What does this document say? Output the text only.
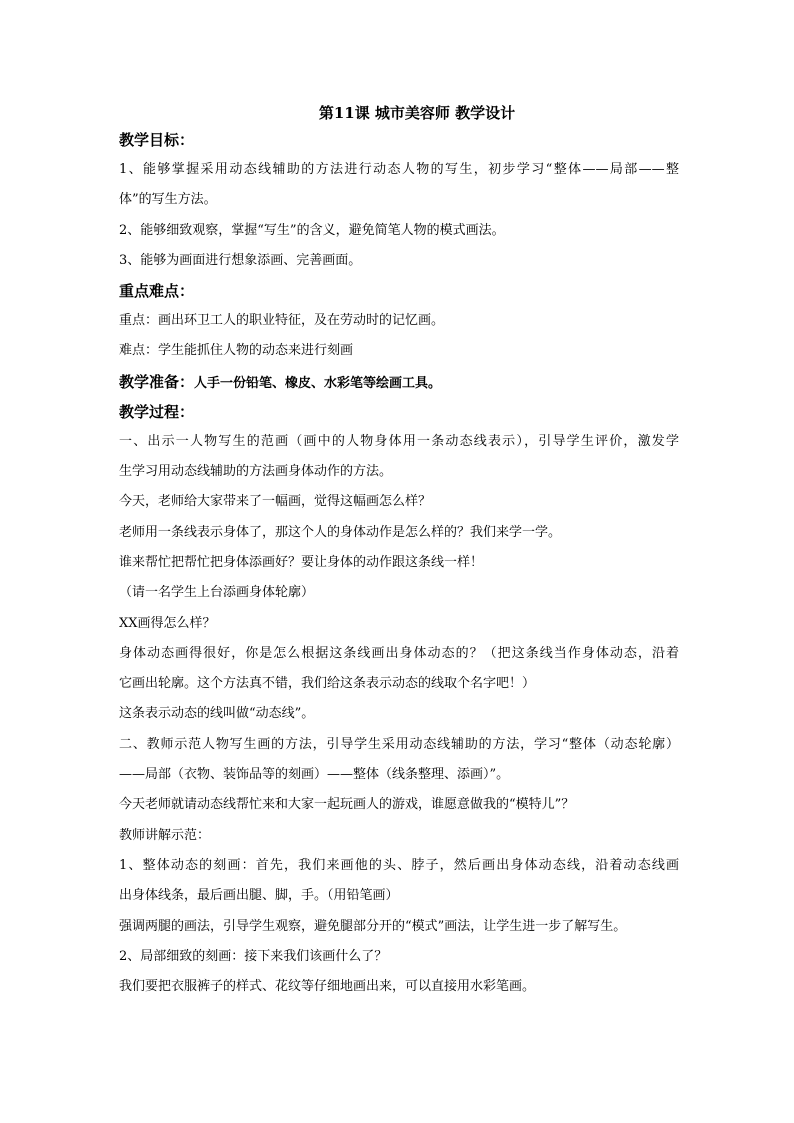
第11课 城市美容师 教学设计
教学目标：
1、能够掌握采用动态线辅助的方法进行动态人物的写生，初步学习“整体——局部——整
体”的写生方法。
2、能够细致观察，掌握“写生”的含义，避免简笔人物的模式画法。
3、能够为画面进行想象添画、完善画面。
重点难点：
重点：画出环卫工人的职业特征，及在劳动时的记忆画。
难点：学生能抓住人物的动态来进行刻画
教学准备：人手一份铅笔、橡皮、水彩笔等绘画工具。
教学过程：
一、出示一人物写生的范画（画中的人物身体用一条动态线表示），引导学生评价，激发学
生学习用动态线辅助的方法画身体动作的方法。
今天，老师给大家带来了一幅画，觉得这幅画怎么样？
老师用一条线表示身体了，那这个人的身体动作是怎么样的？我们来学一学。
谁来帮忙把帮忙把身体添画好？要让身体的动作跟这条线一样！
（请一名学生上台添画身体轮廓）
XX画得怎么样？
身体动态画得很好，你是怎么根据这条线画出身体动态的？（把这条线当作身体动态，沿着
它画出轮廓。这个方法真不错，我们给这条表示动态的线取个名字吧！）
这条表示动态的线叫做“动态线”。
二、教师示范人物写生画的方法，引导学生采用动态线辅助的方法，学习“整体（动态轮廓）
——局部（衣物、装饰品等的刻画）——整体（线条整理、添画）”。
今天老师就请动态线帮忙来和大家一起玩画人的游戏，谁愿意做我的“模特儿”？
教师讲解示范：
1、整体动态的刻画：首先，我们来画他的头、脖子，然后画出身体动态线，沿着动态线画
出身体线条，最后画出腿、脚，手。（用铅笔画）
强调两腿的画法，引导学生观察，避免腿部分开的“模式”画法，让学生进一步了解写生。
2、局部细致的刻画：接下来我们该画什么了？
我们要把衣服裤子的样式、花纹等仔细地画出来，可以直接用水彩笔画。
